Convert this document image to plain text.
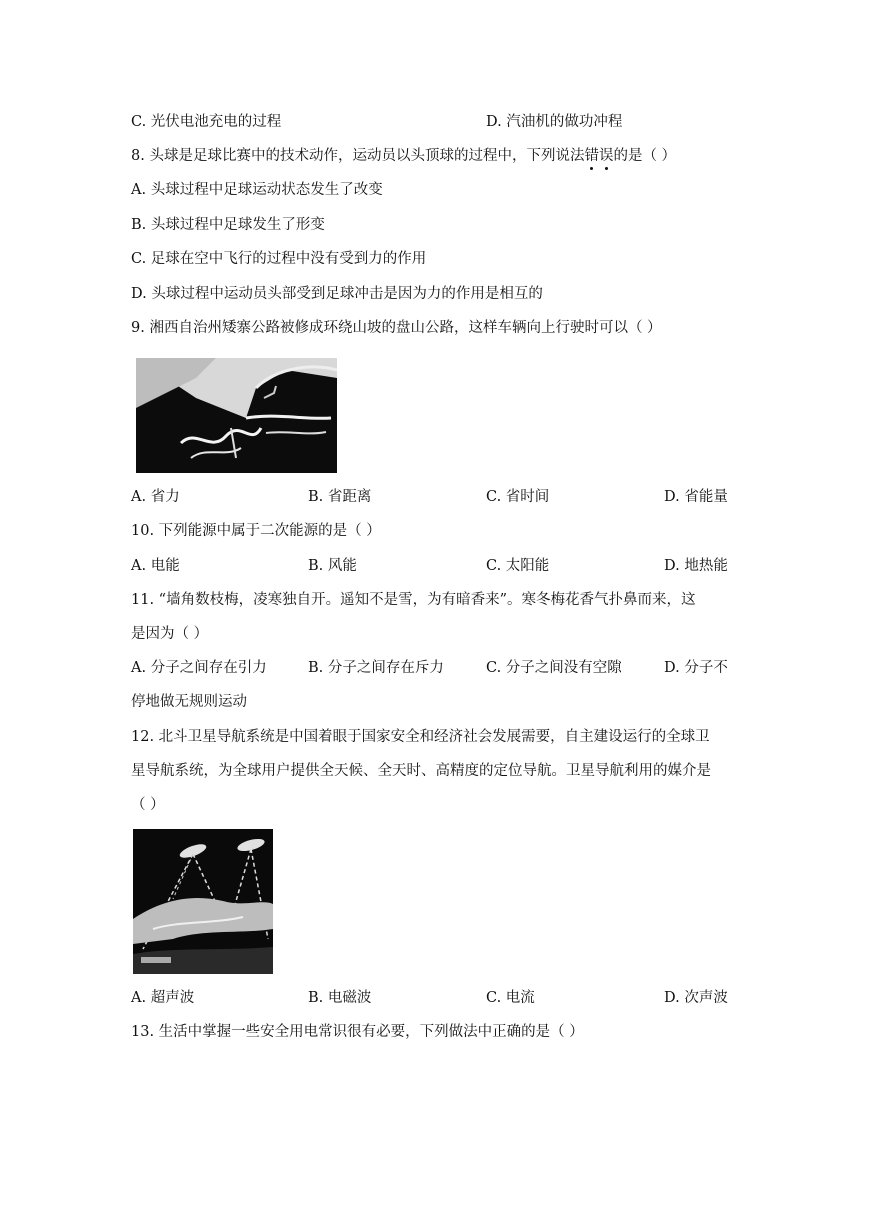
C. 光伏电池充电的过程	D. 汽油机的做功冲程
8. 头球是足球比赛中的技术动作，运动员以头顶球的过程中，下列说法错误的是（ ）
A. 头球过程中足球运动状态发生了改变
B. 头球过程中足球发生了形变
C. 足球在空中飞行的过程中没有受到力的作用
D. 头球过程中运动员头部受到足球冲击是因为力的作用是相互的
9. 湘西自治州矮寨公路被修成环绕山坡的盘山公路，这样车辆向上行驶时可以（ ）
A. 省力	B. 省距离	C. 省时间	D. 省能量
10. 下列能源中属于二次能源的是（ ）
A. 电能	B. 风能	C. 太阳能	D. 地热能
11. “墙角数枝梅，凌寒独自开。遥知不是雪，为有暗香来”。寒冬梅花香气扑鼻而来，这
是因为（ ）
A. 分子之间存在引力	B. 分子之间存在斥力	C. 分子之间没有空隙	D. 分子不
停地做无规则运动
12. 北斗卫星导航系统是中国着眼于国家安全和经济社会发展需要，自主建设运行的全球卫
星导航系统，为全球用户提供全天候、全天时、高精度的定位导航。卫星导航利用的媒介是
（ ）
A. 超声波	B. 电磁波	C. 电流	D. 次声波
13. 生活中掌握一些安全用电常识很有必要，下列做法中正确的是（ ）
